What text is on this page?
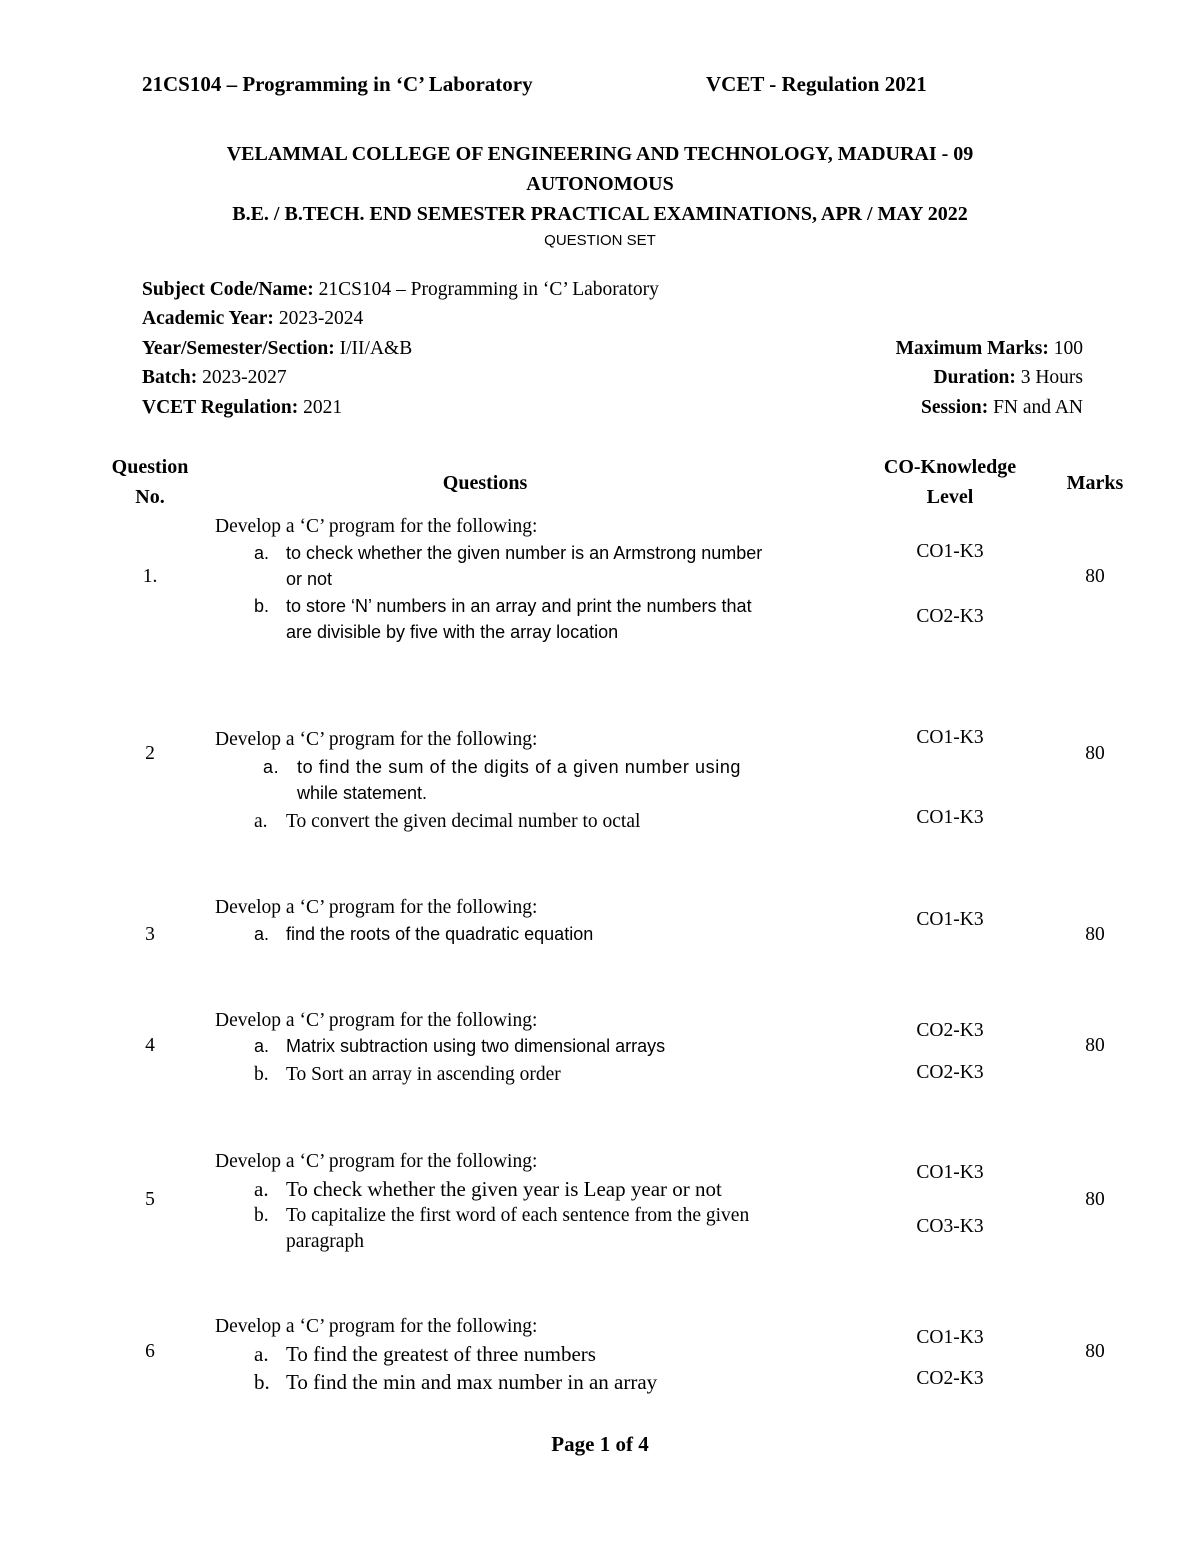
21CS104 – Programming in ‘C’ Laboratory	VCET - Regulation 2021
VELAMMAL COLLEGE OF ENGINEERING AND TECHNOLOGY, MADURAI - 09
AUTONOMOUS
B.E. / B.TECH. END SEMESTER PRACTICAL EXAMINATIONS, APR / MAY 2022
QUESTION SET
Subject Code/Name: 21CS104 – Programming in ‘C’ Laboratory
Academic Year: 2023-2024
Year/Semester/Section: I/II/A&B
Batch: 2023-2027
VCET Regulation: 2021
Maximum Marks: 100
Duration: 3 Hours
Session: FN and AN
Question
No.
Questions
CO-Knowledge
Level
Marks
1.
Develop a ‘C’ program for the following:
a. to check whether the given number is an Armstrong number
or not
b. to store ‘N’ numbers in an array and print the numbers that
are divisible by five with the array location
CO1-K3
CO2-K3
80
2
Develop a ‘C’ program for the following:
a. to find the sum of the digits of a given number using
while statement.
a. To convert the given decimal number to octal
CO1-K3
CO1-K3
80
3
Develop a ‘C’ program for the following:
a. find the roots of the quadratic equation
CO1-K3
80
4
Develop a ‘C’ program for the following:
a. Matrix subtraction using two dimensional arrays
b. To Sort an array in ascending order
CO2-K3
CO2-K3
80
5
Develop a ‘C’ program for the following:
a. To check whether the given year is Leap year or not
b. To capitalize the first word of each sentence from the given
paragraph
CO1-K3
CO3-K3
80
6
Develop a ‘C’ program for the following:
a. To find the greatest of three numbers
b. To find the min and max number in an array
CO1-K3
CO2-K3
80
Page 1 of 4
